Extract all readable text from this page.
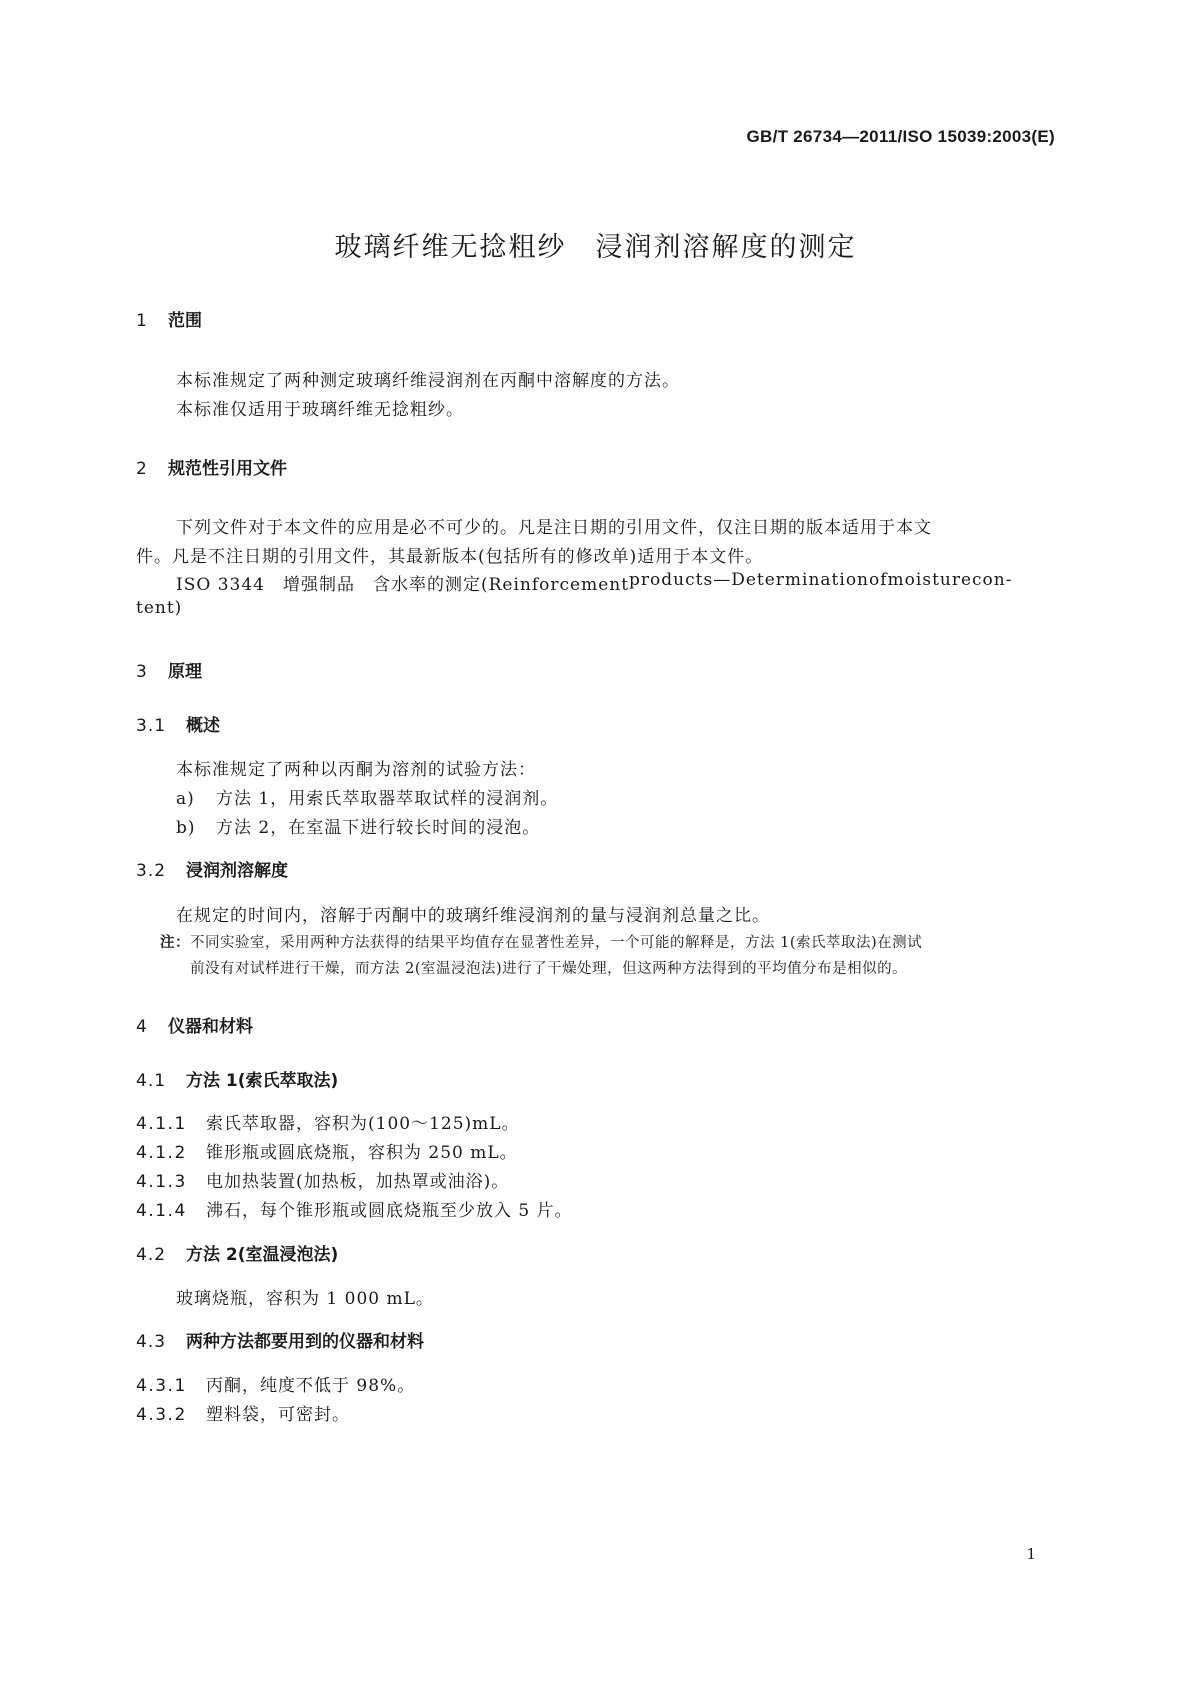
GB/T 26734—2011/ISO 15039:2003(E)
玻璃纤维无捻粗纱　浸润剂溶解度的测定
1 范围
本标准规定了两种测定玻璃纤维浸润剂在丙酮中溶解度的方法。
本标准仅适用于玻璃纤维无捻粗纱。
2 规范性引用文件
下列文件对于本文件的应用是必不可少的。凡是注日期的引用文件，仅注日期的版本适用于本文
件。凡是不注日期的引用文件，其最新版本(包括所有的修改单)适用于本文件。
ISO 3344　增强制品　含水率的测定(Reinforcement products—Determination of moisture con-
tent)
3 原理
3.1 概述
本标准规定了两种以丙酮为溶剂的试验方法：
a) 方法 1，用索氏萃取器萃取试样的浸润剂。
b) 方法 2，在室温下进行较长时间的浸泡。
3.2 浸润剂溶解度
在规定的时间内，溶解于丙酮中的玻璃纤维浸润剂的量与浸润剂总量之比。
注：不同实验室，采用两种方法获得的结果平均值存在显著性差异，一个可能的解释是，方法 1(索氏萃取法)在测试
前没有对试样进行干燥，而方法 2(室温浸泡法)进行了干燥处理，但这两种方法得到的平均值分布是相似的。
4 仪器和材料
4.1 方法 1(索氏萃取法)
4.1.1 索氏萃取器，容积为(100～125)mL。
4.1.2 锥形瓶或圆底烧瓶，容积为 250 mL。
4.1.3 电加热装置(加热板，加热罩或油浴)。
4.1.4 沸石，每个锥形瓶或圆底烧瓶至少放入 5 片。
4.2 方法 2(室温浸泡法)
玻璃烧瓶，容积为 1 000 mL。
4.3 两种方法都要用到的仪器和材料
4.3.1 丙酮，纯度不低于 98%。
4.3.2 塑料袋，可密封。
1
